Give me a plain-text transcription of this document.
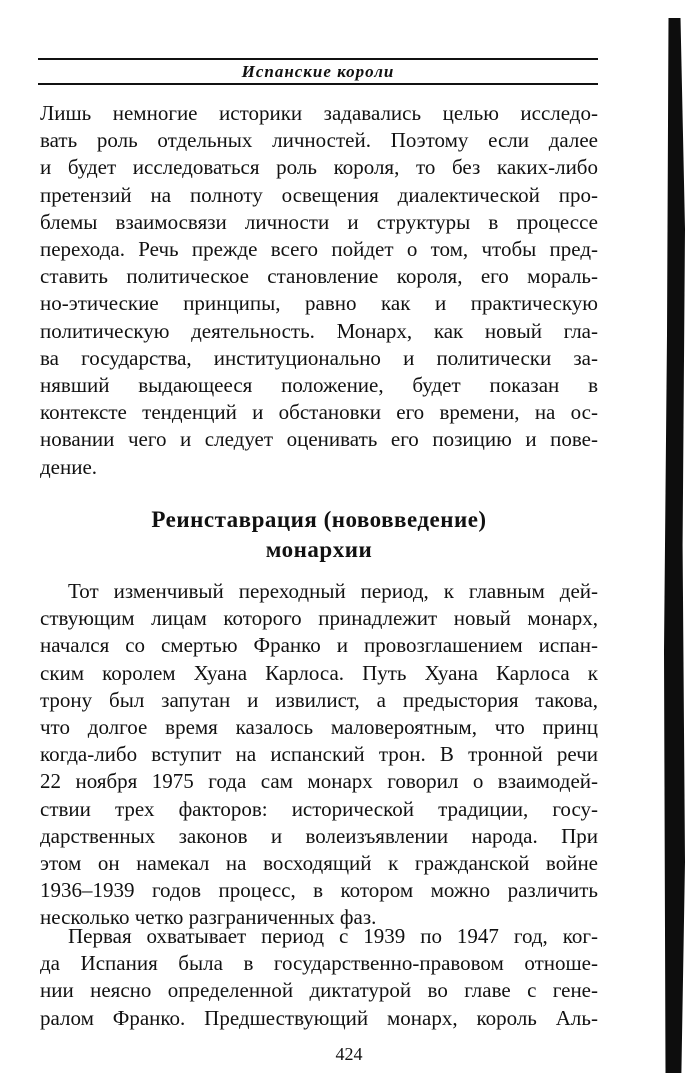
Испанские короли
Лишь немногие историки задавались целью исследо-
вать роль отдельных личностей. Поэтому если далее
и будет исследоваться роль короля, то без каких-либо
претензий на полноту освещения диалектической про-
блемы взаимосвязи личности и структуры в процессе
перехода. Речь прежде всего пойдет о том, чтобы пред-
ставить политическое становление короля, его мораль-
но-этические принципы, равно как и практическую
политическую деятельность. Монарх, как новый гла-
ва государства, институционально и политически за-
нявший выдающееся положение, будет показан в
контексте тенденций и обстановки его времени, на ос-
новании чего и следует оценивать его позицию и пове-
дение.
Реинставрация (нововведение)
монархии
Тот изменчивый переходный период, к главным дей-
ствующим лицам которого принадлежит новый монарх,
начался со смертью Франко и провозглашением испан-
ским королем Хуана Карлоса. Путь Хуана Карлоса к
трону был запутан и извилист, а предыстория такова,
что долгое время казалось маловероятным, что принц
когда-либо вступит на испанский трон. В тронной речи
22 ноября 1975 года сам монарх говорил о взаимодей-
ствии трех факторов: исторической традиции, госу-
дарственных законов и волеизъявлении народа. При
этом он намекал на восходящий к гражданской войне
1936–1939 годов процесс, в котором можно различить
несколько четко разграниченных фаз.
Первая охватывает период с 1939 по 1947 год, ког-
да Испания была в государственно-правовом отноше-
нии неясно определенной диктатурой во главе с гене-
ралом Франко. Предшествующий монарх, король Аль-
424
